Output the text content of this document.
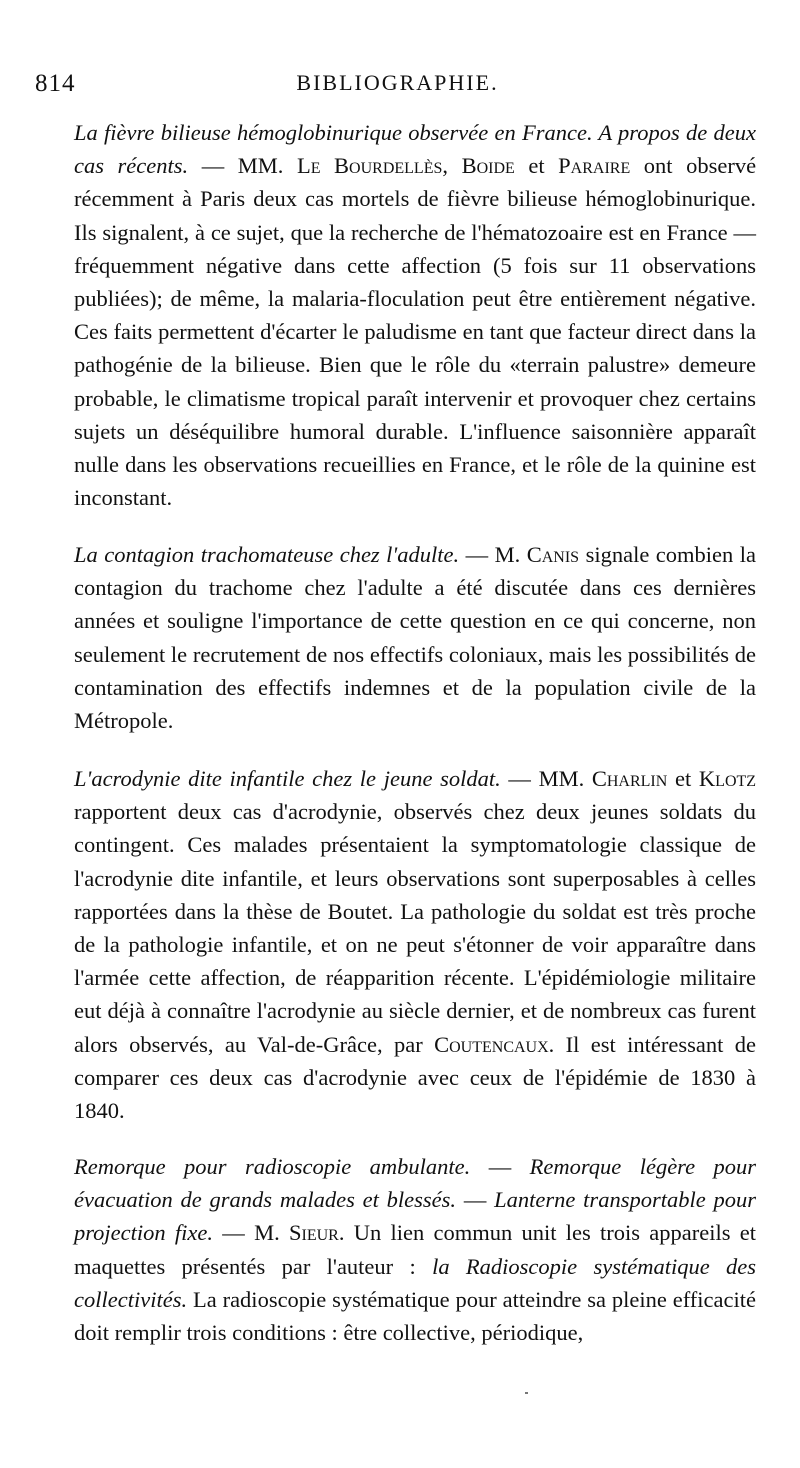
814	BIBLIOGRAPHIE.

La fièvre bilieuse hémoglobinurique observée en France. A propos de deux cas récents. — MM. Le Bourdellès, Boide et Paraire ont observé récemment à Paris deux cas mortels de fièvre bilieuse hémoglobinurique. Ils signalent, à ce sujet, que la recherche de l'hématozoaire est en France — fréquemment négative dans cette affection (5 fois sur 11 observations publiées); de même, la malaria-floculation peut être entièrement négative. Ces faits permettent d'écarter le paludisme en tant que facteur direct dans la pathogénie de la bilieuse. Bien que le rôle du «terrain palustre» demeure probable, le climatisme tropical paraît intervenir et provoquer chez certains sujets un déséquilibre humoral durable. L'influence saisonnière apparaît nulle dans les observations recueillies en France, et le rôle de la quinine est inconstant.

La contagion trachomateuse chez l'adulte. — M. Canis signale combien la contagion du trachome chez l'adulte a été discutée dans ces dernières années et souligne l'importance de cette question en ce qui concerne, non seulement le recrutement de nos effectifs coloniaux, mais les possibilités de contamination des effectifs indemnes et de la population civile de la Métropole.

L'acrodynie dite infantile chez le jeune soldat. — MM. Charlin et Klotz rapportent deux cas d'acrodynie, observés chez deux jeunes soldats du contingent. Ces malades présentaient la symptomatologie classique de l'acrodynie dite infantile, et leurs observations sont superposables à celles rapportées dans la thèse de Boutet. La pathologie du soldat est très proche de la pathologie infantile, et on ne peut s'étonner de voir apparaître dans l'armée cette affection, de réapparition récente. L'épidémiologie militaire eut déjà à connaître l'acrodynie au siècle dernier, et de nombreux cas furent alors observés, au Val-de-Grâce, par Coutencaux. Il est intéressant de comparer ces deux cas d'acrodynie avec ceux de l'épidémie de 1830 à 1840.

Remorque pour radioscopie ambulante. — Remorque légère pour évacuation de grands malades et blessés. — Lanterne transportable pour projection fixe. — M. Sieur. Un lien commun unit les trois appareils et maquettes présentés par l'auteur : la Radioscopie systématique des collectivités. La radioscopie systématique pour atteindre sa pleine efficacité doit remplir trois conditions : être collective, périodique,
